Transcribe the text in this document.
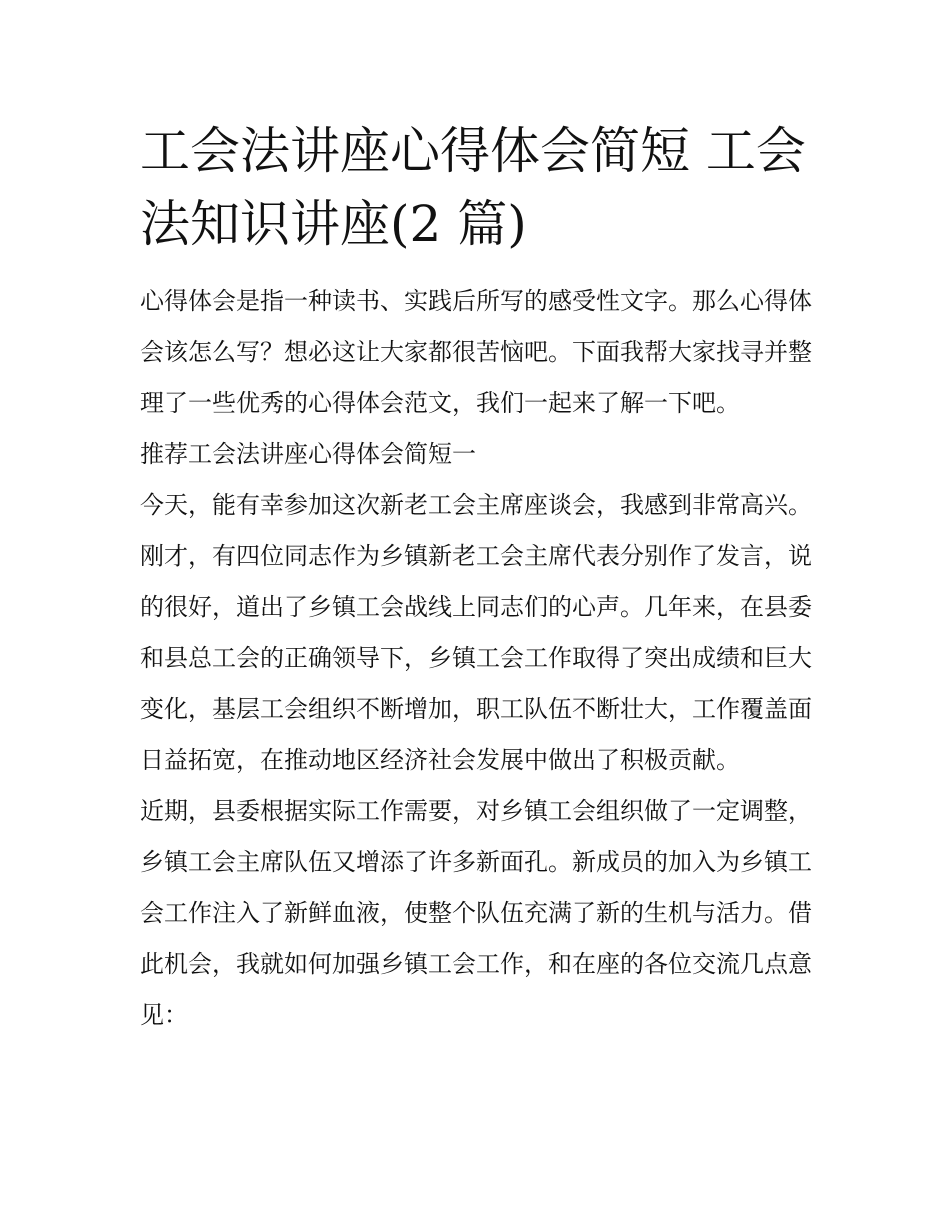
工会法讲座心得体会简短 工会法知识讲座(2 篇)

心得体会是指一种读书、实践后所写的感受性文字。那么心得体会该怎么写？想必这让大家都很苦恼吧。下面我帮大家找寻并整理了一些优秀的心得体会范文，我们一起来了解一下吧。

推荐工会法讲座心得体会简短一

今天，能有幸参加这次新老工会主席座谈会，我感到非常高兴。刚才，有四位同志作为乡镇新老工会主席代表分别作了发言，说的很好，道出了乡镇工会战线上同志们的心声。几年来，在县委和县总工会的正确领导下，乡镇工会工作取得了突出成绩和巨大变化，基层工会组织不断增加，职工队伍不断壮大，工作覆盖面日益拓宽，在推动地区经济社会发展中做出了积极贡献。

近期，县委根据实际工作需要，对乡镇工会组织做了一定调整，乡镇工会主席队伍又增添了许多新面孔。新成员的加入为乡镇工会工作注入了新鲜血液，使整个队伍充满了新的生机与活力。借此机会，我就如何加强乡镇工会工作，和在座的各位交流几点意见：
